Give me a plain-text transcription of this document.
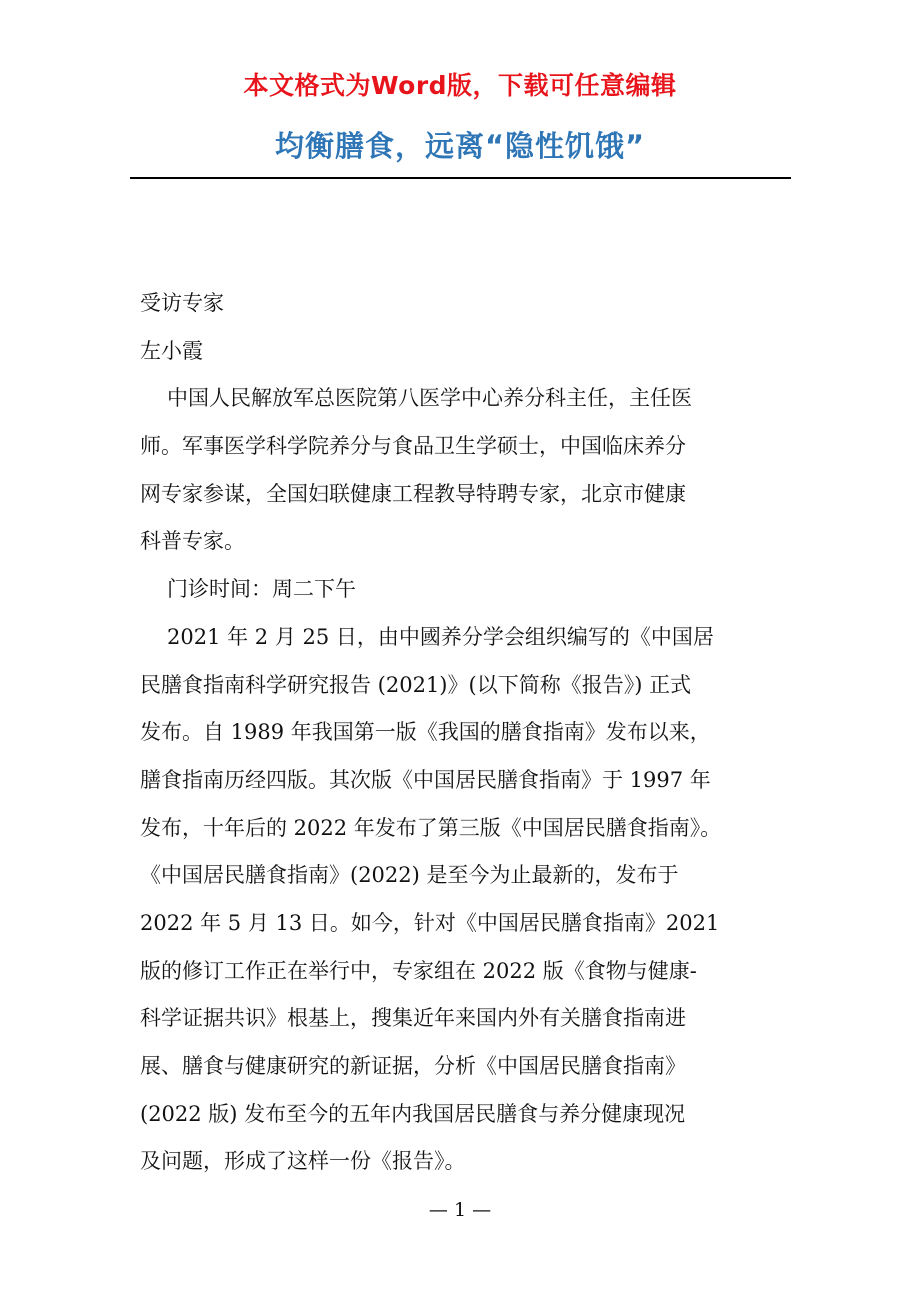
本文格式为Word版，下载可任意编辑
均衡膳食，远离“隐性饥饿”
受访专家
左小霞
中国人民解放军总医院第八医学中心养分科主任，主任医
师。军事医学科学院养分与食品卫生学硕士，中国临床养分
网专家参谋，全国妇联健康工程教导特聘专家，北京市健康
科普专家。
门诊时间：周二下午
2021 年 2 月 25 日，由中國养分学会组织编写的《中国居
民膳食指南科学研究报告 (2021)》(以下简称《报告》) 正式
发布。自 1989 年我国第一版《我国的膳食指南》发布以来，
膳食指南历经四版。其次版《中国居民膳食指南》于 1997 年
发布，十年后的 2022 年发布了第三版《中国居民膳食指南》。
《中国居民膳食指南》(2022) 是至今为止最新的，发布于
2022 年 5 月 13 日。如今，针对《中国居民膳食指南》2021
版的修订工作正在举行中，专家组在 2022 版《食物与健康-
科学证据共识》根基上，搜集近年来国内外有关膳食指南进
展、膳食与健康研究的新证据，分析《中国居民膳食指南》
(2022 版) 发布至今的五年内我国居民膳食与养分健康现况
及问题，形成了这样一份《报告》。
— 1 —
